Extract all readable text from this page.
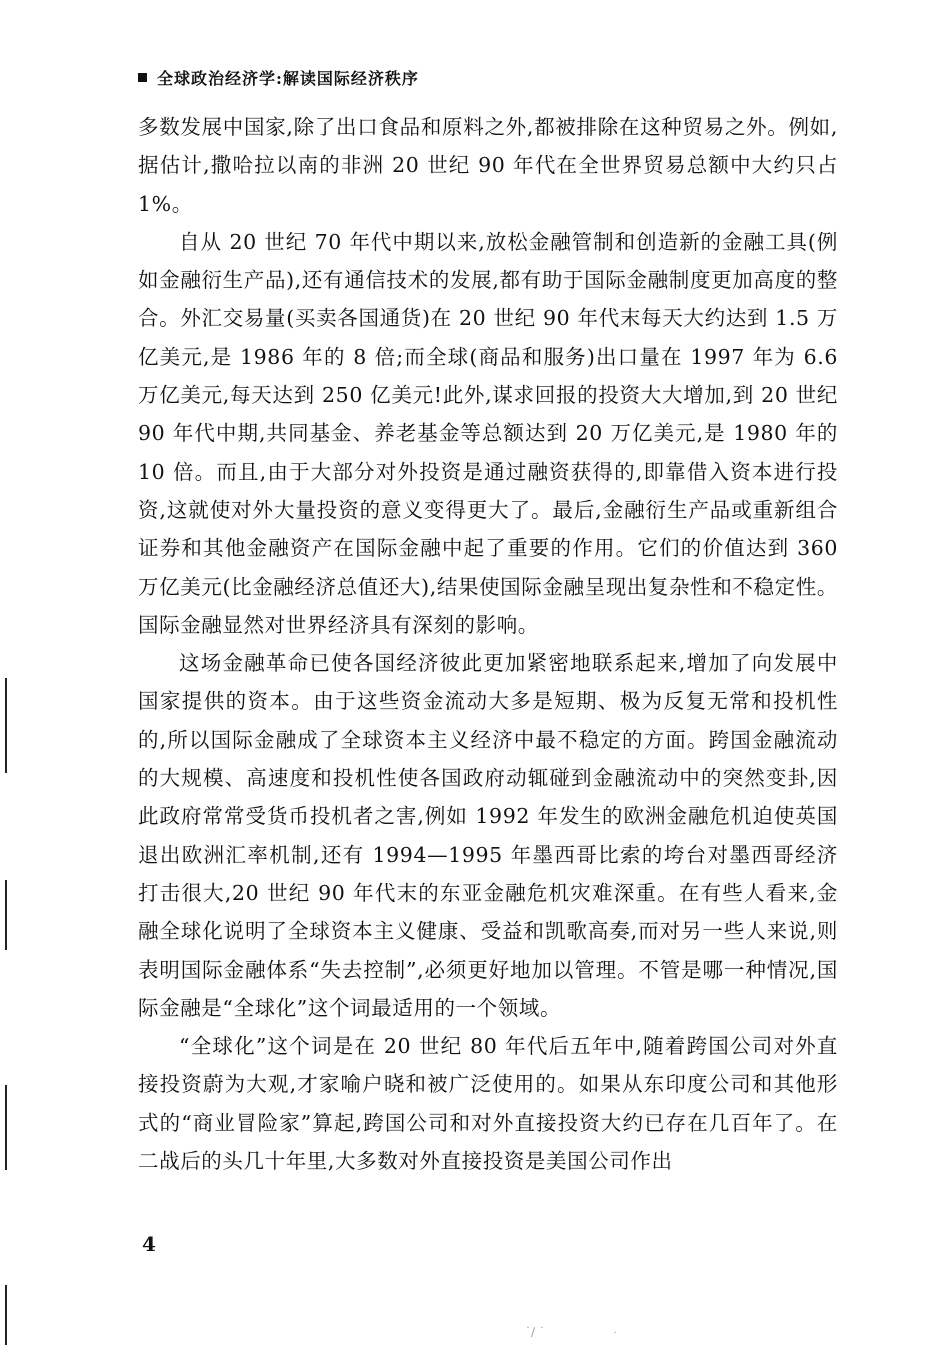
全球政治经济学:解读国际经济秩序

多数发展中国家,除了出口食品和原料之外,都被排除在这种贸易之外。例如,据估计,撒哈拉以南的非洲 20 世纪 90 年代在全世界贸易总额中大约只占 1%。

自从 20 世纪 70 年代中期以来,放松金融管制和创造新的金融工具(例如金融衍生产品),还有通信技术的发展,都有助于国际金融制度更加高度的整合。外汇交易量(买卖各国通货)在 20 世纪 90 年代末每天大约达到 1.5 万亿美元,是 1986 年的 8 倍;而全球(商品和服务)出口量在 1997 年为 6.6 万亿美元,每天达到 250 亿美元!此外,谋求回报的投资大大增加,到 20 世纪 90 年代中期,共同基金、养老基金等总额达到 20 万亿美元,是 1980 年的 10 倍。而且,由于大部分对外投资是通过融资获得的,即靠借入资本进行投资,这就使对外大量投资的意义变得更大了。最后,金融衍生产品或重新组合证券和其他金融资产在国际金融中起了重要的作用。它们的价值达到 360 万亿美元(比金融经济总值还大),结果使国际金融呈现出复杂性和不稳定性。国际金融显然对世界经济具有深刻的影响。

这场金融革命已使各国经济彼此更加紧密地联系起来,增加了向发展中国家提供的资本。由于这些资金流动大多是短期、极为反复无常和投机性的,所以国际金融成了全球资本主义经济中最不稳定的方面。跨国金融流动的大规模、高速度和投机性使各国政府动辄碰到金融流动中的突然变卦,因此政府常常受货币投机者之害,例如 1992 年发生的欧洲金融危机迫使英国退出欧洲汇率机制,还有 1994—1995 年墨西哥比索的垮台对墨西哥经济打击很大,20 世纪 90 年代末的东亚金融危机灾难深重。在有些人看来,金融全球化说明了全球资本主义健康、受益和凯歌高奏,而对另一些人来说,则表明国际金融体系“失去控制”,必须更好地加以管理。不管是哪一种情况,国际金融是“全球化”这个词最适用的一个领域。

“全球化”这个词是在 20 世纪 80 年代后五年中,随着跨国公司对外直接投资蔚为大观,才家喻户晓和被广泛使用的。如果从东印度公司和其他形式的“商业冒险家”算起,跨国公司和对外直接投资大约已存在几百年了。在二战后的头几十年里,大多数对外直接投资是美国公司作出

4
˙∕ ˙	˙
